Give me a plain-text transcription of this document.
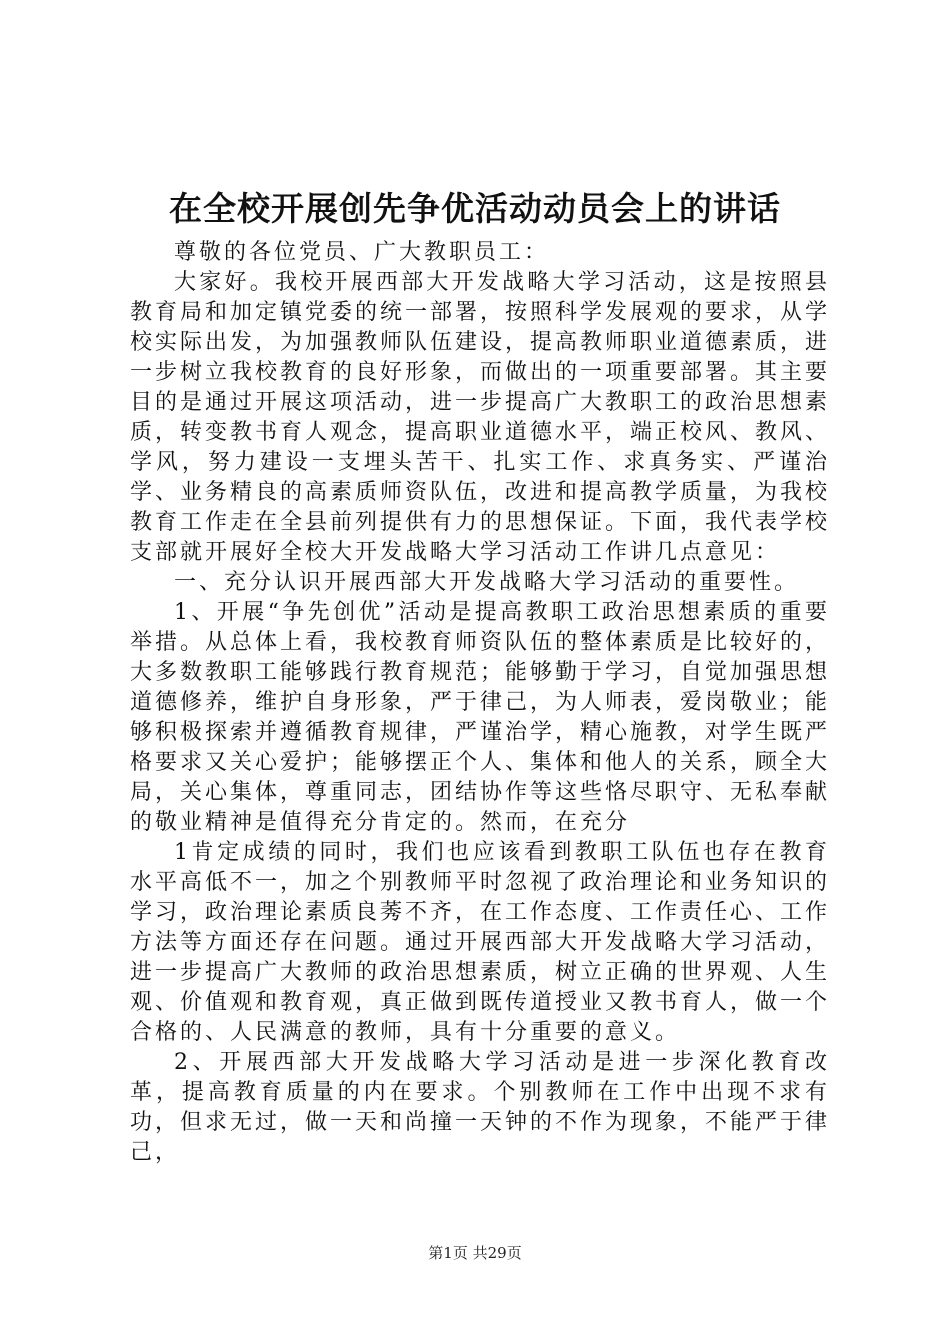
在全校开展创先争优活动动员会上的讲话

尊敬的各位党员、广大教职员工：

大家好。我校开展西部大开发战略大学习活动，这是按照县教育局和加定镇党委的统一部署，按照科学发展观的要求，从学校实际出发，为加强教师队伍建设，提高教师职业道德素质，进一步树立我校教育的良好形象，而做出的一项重要部署。其主要目的是通过开展这项活动，进一步提高广大教职工的政治思想素质，转变教书育人观念，提高职业道德水平，端正校风、教风、学风，努力建设一支埋头苦干、扎实工作、求真务实、严谨治学、业务精良的高素质师资队伍，改进和提高教学质量，为我校教育工作走在全县前列提供有力的思想保证。下面，我代表学校支部就开展好全校大开发战略大学习活动工作讲几点意见：

一、充分认识开展西部大开发战略大学习活动的重要性。

1、开展“争先创优”活动是提高教职工政治思想素质的重要举措。从总体上看，我校教育师资队伍的整体素质是比较好的，大多数教职工能够践行教育规范；能够勤于学习，自觉加强思想道德修养，维护自身形象，严于律己，为人师表，爱岗敬业；能够积极探索并遵循教育规律，严谨治学，精心施教，对学生既严格要求又关心爱护；能够摆正个人、集体和他人的关系，顾全大局，关心集体，尊重同志，团结协作等这些恪尽职守、无私奉献的敬业精神是值得充分肯定的。然而，在充分

1肯定成绩的同时，我们也应该看到教职工队伍也存在教育水平高低不一，加之个别教师平时忽视了政治理论和业务知识的学习，政治理论素质良莠不齐，在工作态度、工作责任心、工作方法等方面还存在问题。通过开展西部大开发战略大学习活动，进一步提高广大教师的政治思想素质，树立正确的世界观、人生观、价值观和教育观，真正做到既传道授业又教书育人，做一个合格的、人民满意的教师，具有十分重要的意义。

2、开展西部大开发战略大学习活动是进一步深化教育改革，提高教育质量的内在要求。个别教师在工作中出现不求有功，但求无过，做一天和尚撞一天钟的不作为现象，不能严于律己，

第1页 共29页
